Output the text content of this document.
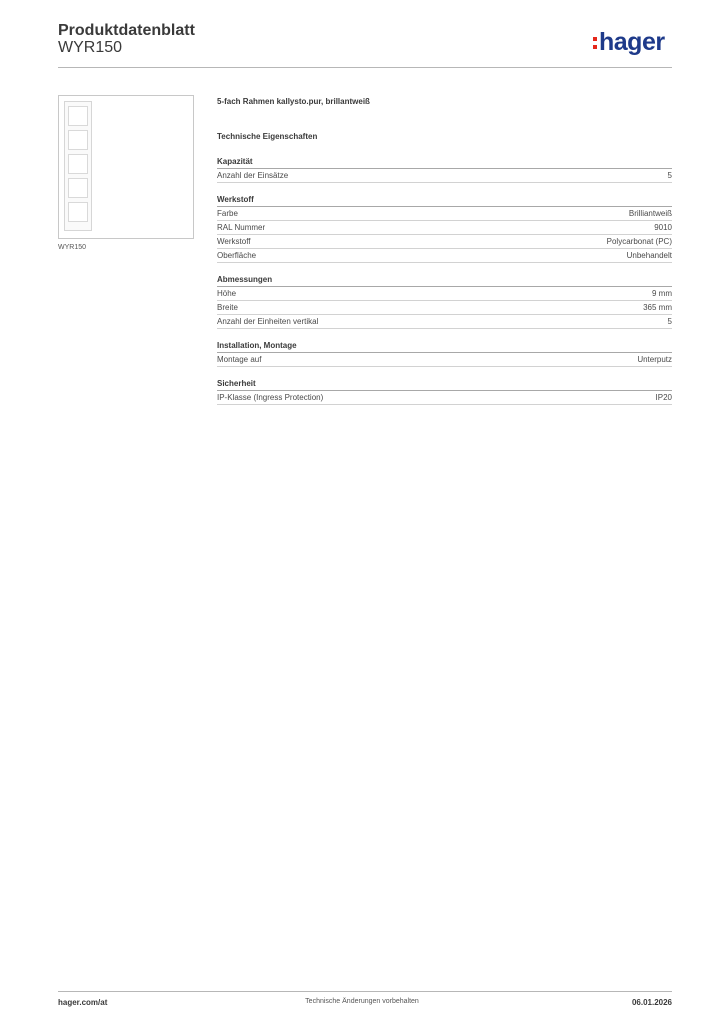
Produktdatenblatt
WYR150	hager
WYR150
5-fach Rahmen kallysto.pur, brillantweiß
Technische Eigenschaften
Kapazität
Anzahl der Einsätze	5
Werkstoff
Farbe	Brilliantweiß
RAL Nummer	9010
Werkstoff	Polycarbonat (PC)
Oberfläche	Unbehandelt
Abmessungen
Höhe	9 mm
Breite	365 mm
Anzahl der Einheiten vertikal	5
Installation, Montage
Montage auf	Unterputz
Sicherheit
IP-Klasse (Ingress Protection)	IP20
hager.com/at	Technische Änderungen vorbehalten	06.01.2026
